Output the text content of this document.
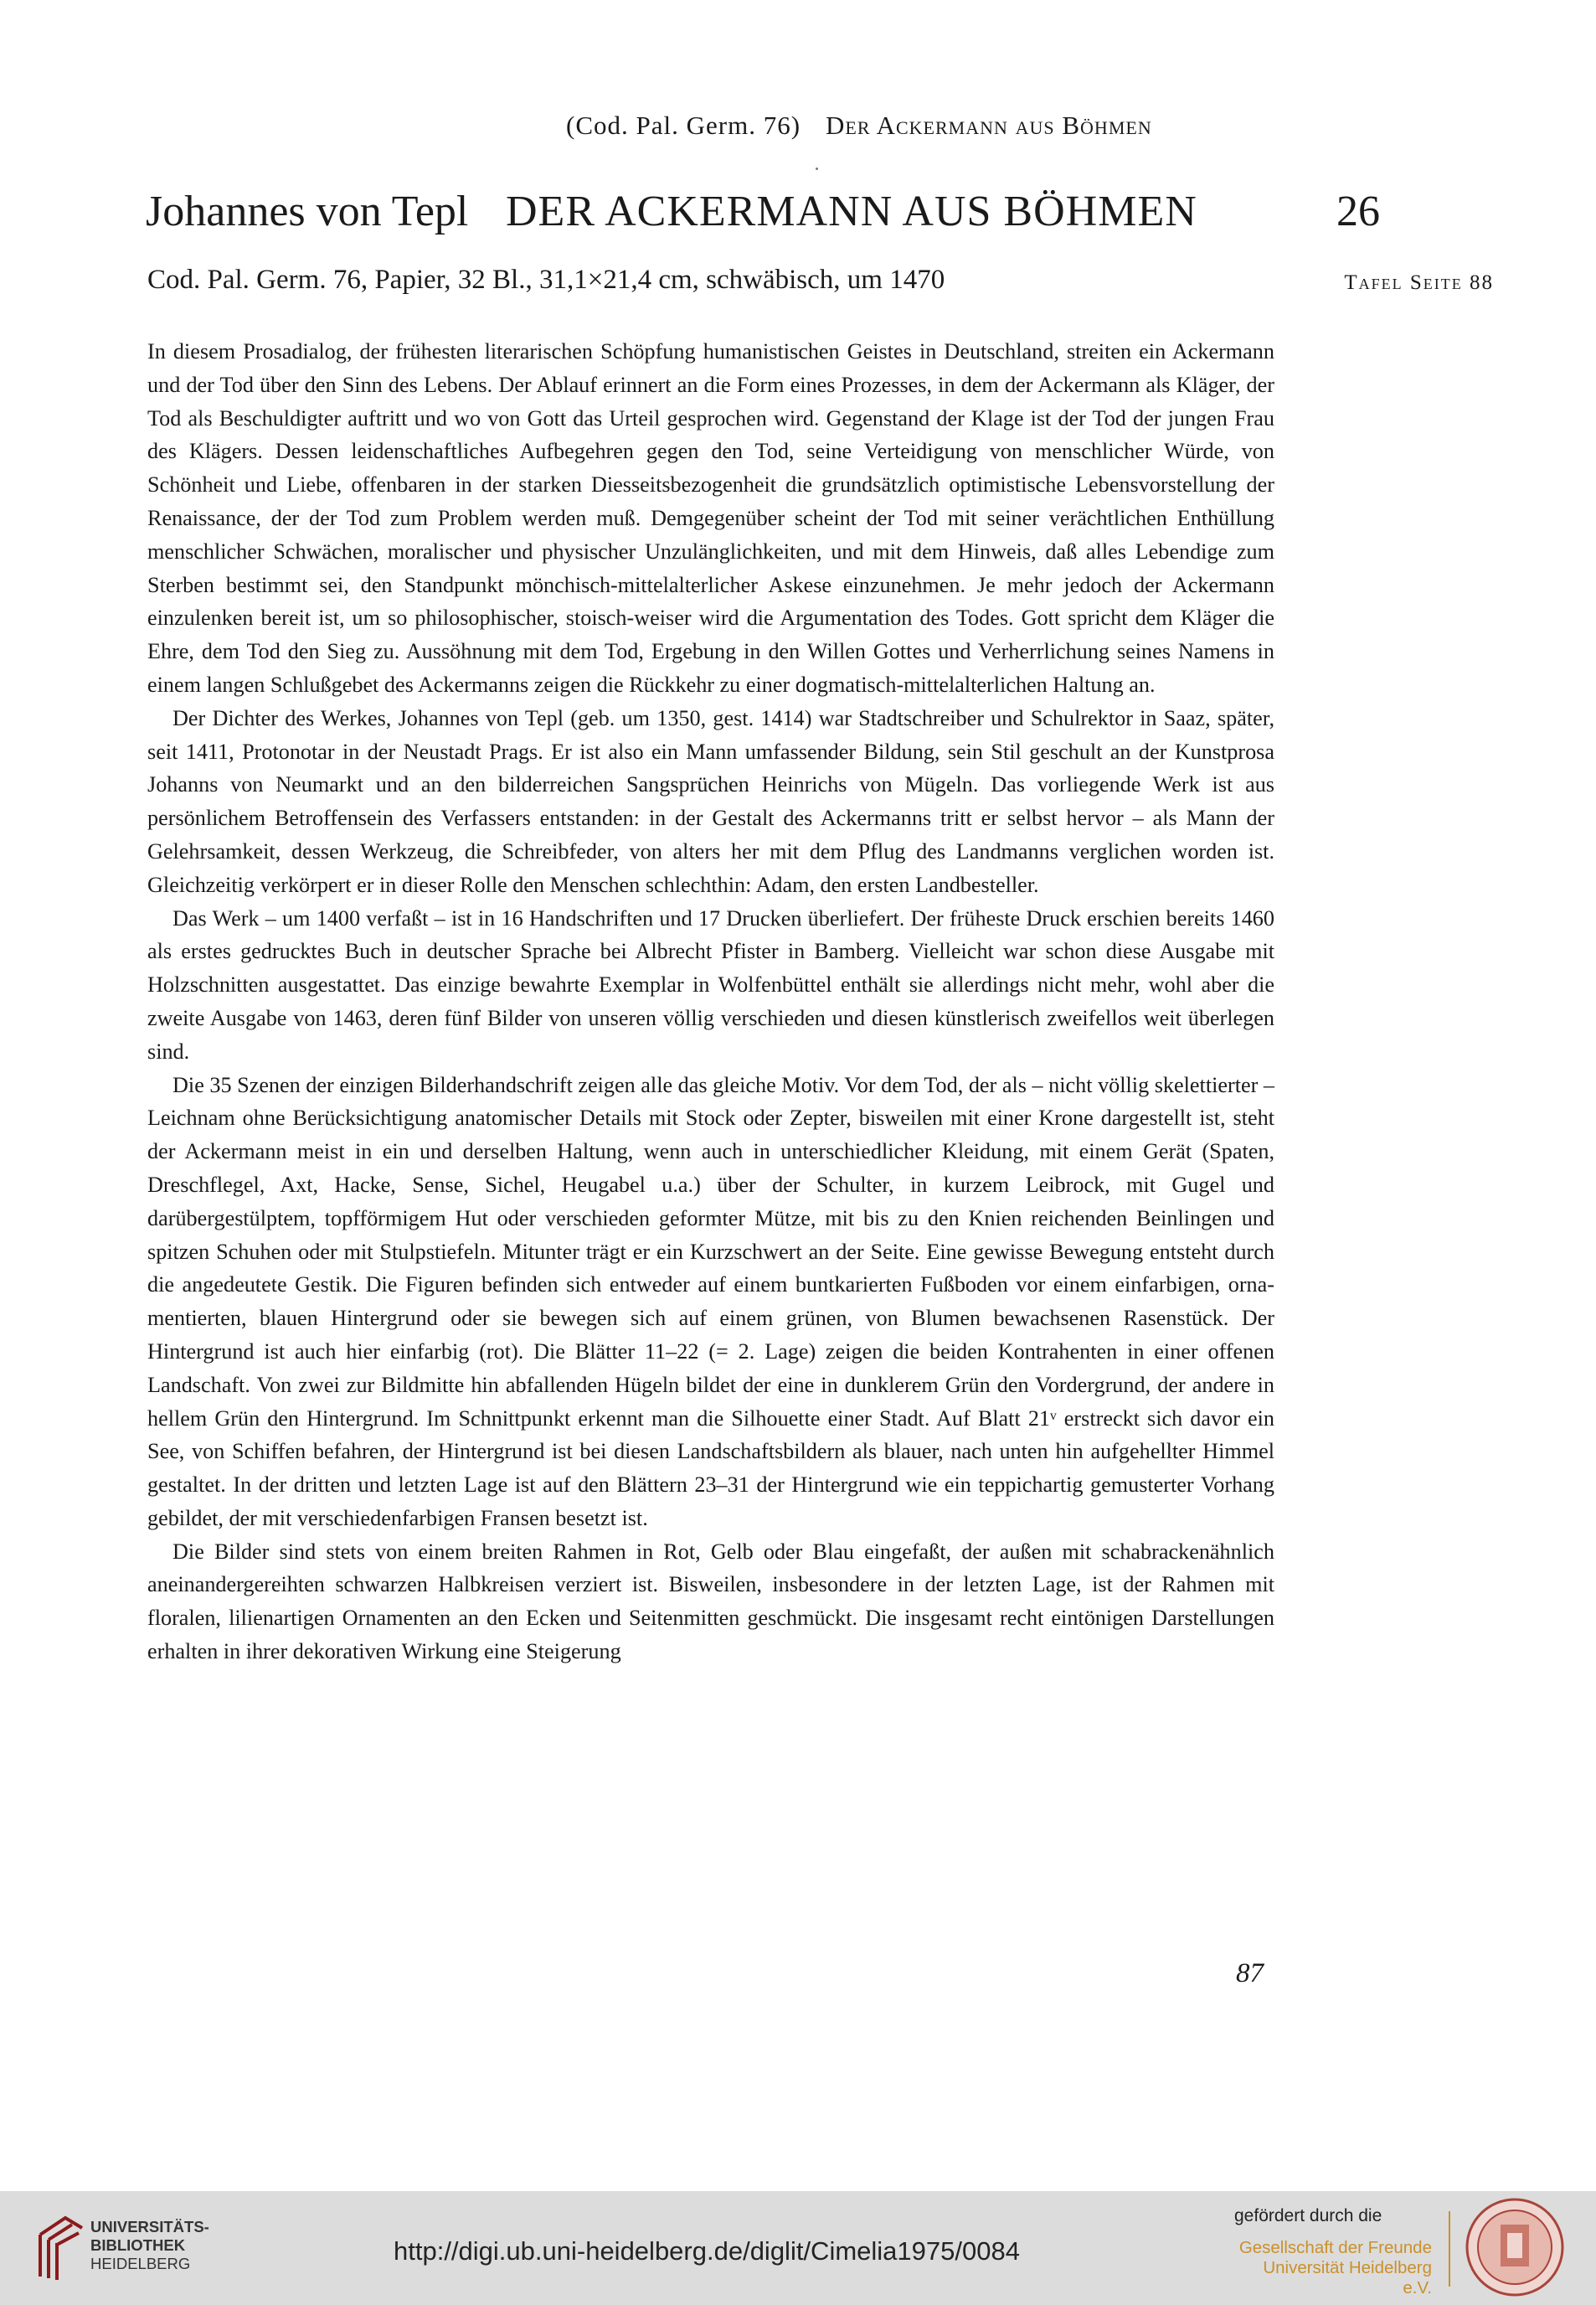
(Cod. Pal. Germ. 76) Der Ackermann aus Böhmen
Johannes von Tepl DER ACKERMANN AUS BÖHMEN	26
Cod. Pal. Germ. 76, Papier, 32 Bl., 31,1×21,4 cm, schwäbisch, um 1470	Tafel Seite 88

In diesem Prosadialog, der frühesten literarischen Schöpfung humanistischen Geistes in Deutschland, streiten ein Ackermann und der Tod über den Sinn des Lebens. Der Ablauf erinnert an die Form eines Prozesses, in dem der Ackermann als Kläger, der Tod als Beschuldigter auftritt und wo von Gott das Urteil gesprochen wird. Gegenstand der Klage ist der Tod der jungen Frau des Klägers. Dessen leidenschaftliches Aufbegehren gegen den Tod, seine Verteidigung von menschlicher Würde, von Schönheit und Liebe, offenbaren in der starken Diesseitsbezogenheit die grundsätzlich optimistische Lebensvorstellung der Renaissance, der der Tod zum Problem werden muß. Demgegenüber scheint der Tod mit seiner verächtlichen Enthüllung menschlicher Schwächen, moralischer und physischer Unzulänglichkeiten, und mit dem Hinweis, daß alles Lebendige zum Sterben bestimmt sei, den Standpunkt mönchisch-mittelalterlicher Askese einzunehmen. Je mehr jedoch der Ackermann einzulenken bereit ist, um so philosophischer, stoisch-weiser wird die Argumentation des Todes. Gott spricht dem Kläger die Ehre, dem Tod den Sieg zu. Aussöhnung mit dem Tod, Ergebung in den Willen Gottes und Verherrlichung seines Namens in einem langen Schlußgebet des Ackermanns zeigen die Rückkehr zu einer dogmatisch-mittelalterlichen Haltung an.

Der Dichter des Werkes, Johannes von Tepl (geb. um 1350, gest. 1414) war Stadtschreiber und Schulrektor in Saaz, später, seit 1411, Protonotar in der Neustadt Prags. Er ist also ein Mann umfassender Bildung, sein Stil geschult an der Kunstprosa Johanns von Neumarkt und an den bilderreichen Sangsprüchen Heinrichs von Mügeln. Das vorliegende Werk ist aus persönlichem Betroffensein des Verfassers entstanden: in der Gestalt des Ackermanns tritt er selbst hervor – als Mann der Gelehrsamkeit, dessen Werkzeug, die Schreibfeder, von alters her mit dem Pflug des Landmanns verglichen worden ist. Gleichzeitig verkörpert er in dieser Rolle den Menschen schlechthin: Adam, den ersten Landbesteller.

Das Werk – um 1400 verfaßt – ist in 16 Handschriften und 17 Drucken überliefert. Der früheste Druck erschien bereits 1460 als erstes gedrucktes Buch in deutscher Sprache bei Albrecht Pfister in Bamberg. Vielleicht war schon diese Ausgabe mit Holzschnitten ausgestattet. Das einzige bewahrte Exemplar in Wolfenbüttel enthält sie allerdings nicht mehr, wohl aber die zweite Ausgabe von 1463, deren fünf Bilder von unseren völlig verschieden und diesen künstlerisch zweifellos weit überlegen sind.

Die 35 Szenen der einzigen Bilderhandschrift zeigen alle das gleiche Motiv. Vor dem Tod, der als – nicht völlig skelettierter – Leichnam ohne Berücksichtigung anatomischer Details mit Stock oder Zepter, bisweilen mit einer Krone dargestellt ist, steht der Ackermann meist in ein und derselben Haltung, wenn auch in unterschiedlicher Kleidung, mit einem Gerät (Spaten, Dreschflegel, Axt, Hacke, Sense, Sichel, Heugabel u.a.) über der Schulter, in kurzem Leibrock, mit Gugel und darübergestülptem, topfförmigem Hut oder verschieden geformter Mütze, mit bis zu den Knien reichenden Beinlingen und spitzen Schuhen oder mit Stulpstiefeln. Mitunter trägt er ein Kurzschwert an der Seite. Eine gewisse Bewegung entsteht durch die angedeutete Gestik. Die Figuren befinden sich entweder auf einem buntkarierten Fußboden vor einem einfarbigen, ornamentierten, blauen Hintergrund oder sie bewegen sich auf einem grünen, von Blumen bewachsenen Rasenstück. Der Hintergrund ist auch hier einfarbig (rot). Die Blätter 11–22 (= 2. Lage) zeigen die beiden Kontrahenten in einer offenen Landschaft. Von zwei zur Bildmitte hin abfallenden Hügeln bildet der eine in dunklerem Grün den Vordergrund, der andere in hellem Grün den Hintergrund. Im Schnittpunkt erkennt man die Silhouette einer Stadt. Auf Blatt 21ᵛ erstreckt sich davor ein See, von Schiffen befahren, der Hintergrund ist bei diesen Landschaftsbildern als blauer, nach unten hin aufgehellter Himmel gestaltet. In der dritten und letzten Lage ist auf den Blättern 23–31 der Hintergrund wie ein teppichartig gemusterter Vorhang gebildet, der mit verschiedenfarbigen Fransen besetzt ist.

Die Bilder sind stets von einem breiten Rahmen in Rot, Gelb oder Blau eingefaßt, der außen mit schabrackenähnlich aneinandergereihten schwarzen Halbkreisen verziert ist. Bisweilen, insbesondere in der letzten Lage, ist der Rahmen mit floralen, lilienartigen Ornamenten an den Ecken und Seitenmitten geschmückt. Die insgesamt recht eintönigen Darstellungen erhalten in ihrer dekorativen Wirkung eine Steigerung

87
UNIVERSITÄTS-
BIBLIOTHEK
HEIDELBERG	http://digi.ub.uni-heidelberg.de/diglit/Cimelia1975/0084
gefördert durch die
Gesellschaft der Freunde
Universität Heidelberg e.V.
